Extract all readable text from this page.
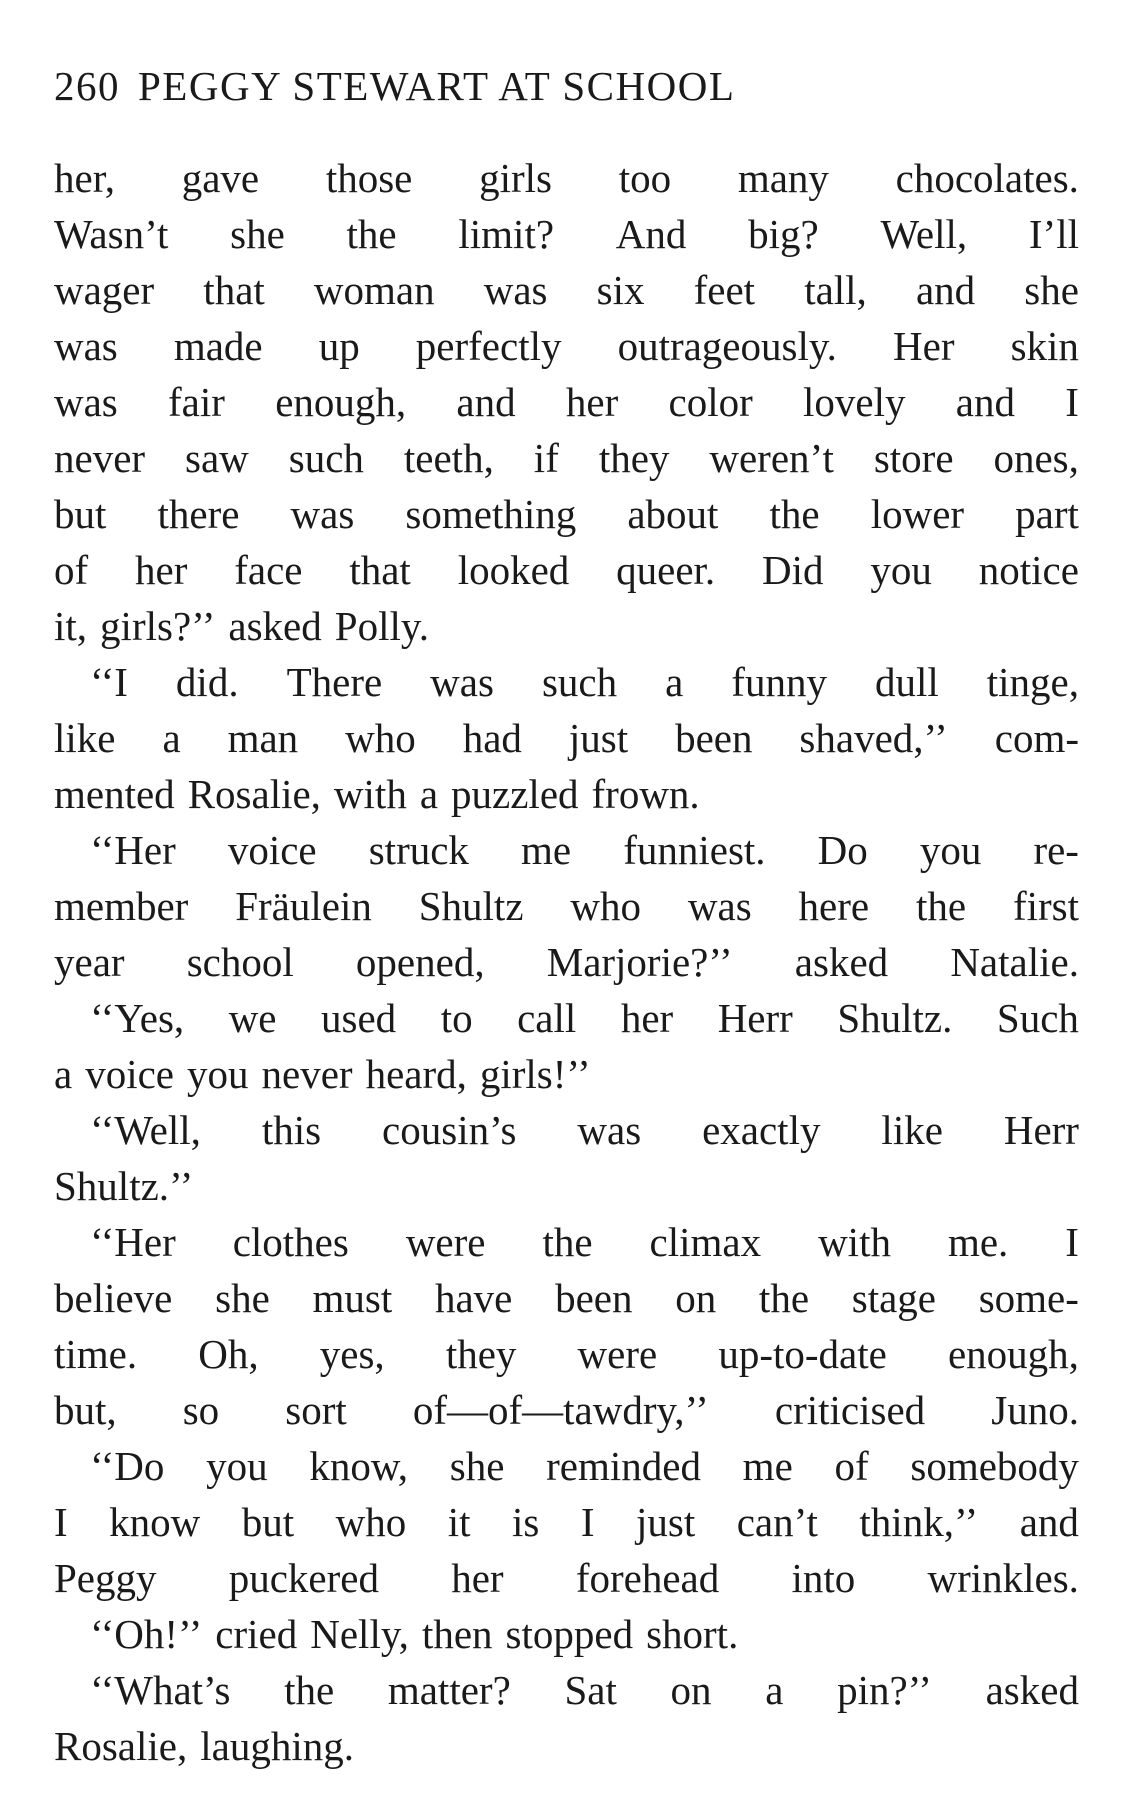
260 PEGGY STEWART AT SCHOOL
her, gave those girls too many chocolates.
Wasn’t she the limit? And big? Well, I’ll
wager that woman was six feet tall, and she
was made up perfectly outrageously. Her skin
was fair enough, and her color lovely and I
never saw such teeth, if they weren’t store ones,
but there was something about the lower part
of her face that looked queer. Did you notice
it, girls?’’ asked Polly.
‘‘I did. There was such a funny dull tinge,
like a man who had just been shaved,’’ com-
mented Rosalie, with a puzzled frown.
‘‘Her voice struck me funniest. Do you re-
member Fräulein Shultz who was here the first
year school opened, Marjorie?’’ asked Natalie.
‘‘Yes, we used to call her Herr Shultz. Such
a voice you never heard, girls!’’
‘‘Well, this cousin’s was exactly like Herr
Shultz.’’
‘‘Her clothes were the climax with me. I
believe she must have been on the stage some-
time. Oh, yes, they were up-to-date enough,
but, so sort of—of—tawdry,’’ criticised Juno.
‘‘Do you know, she reminded me of somebody
I know but who it is I just can’t think,’’ and
Peggy puckered her forehead into wrinkles.
‘‘Oh!’’ cried Nelly, then stopped short.
‘‘What’s the matter? Sat on a pin?’’ asked
Rosalie, laughing.
